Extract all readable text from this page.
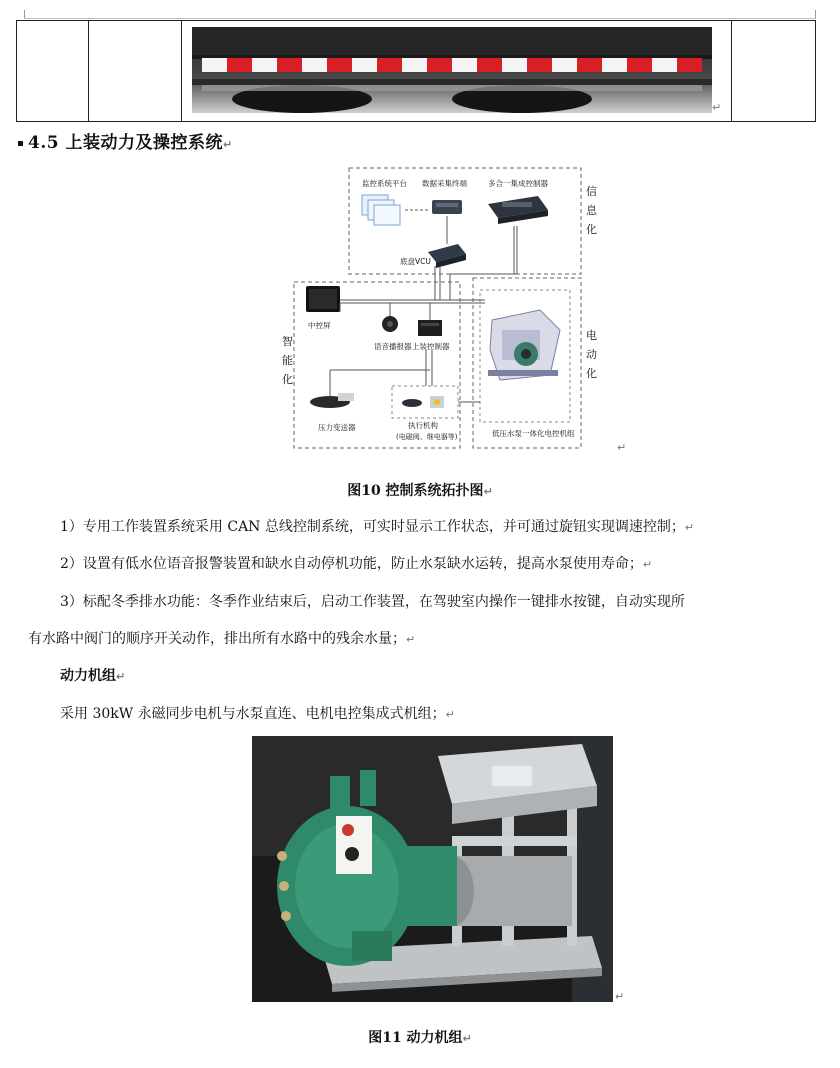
↵
4.5 上装动力及操控系统↵
监控系统平台 数据采集终端	多合一集成控制器
底盘VCU
中控屏
语音播报器 上装控制器
压力变送器	执行机构
(电磁阀、继电器等)	低压水泵一体化电控机组
信息化
智能化
电动化
↵
图10 控制系统拓扑图↵
1）专用工作装置系统采用 CAN 总线控制系统，可实时显示工作状态，并可通过旋钮实现调速控制；↵
2）设置有低水位语音报警装置和缺水自动停机功能，防止水泵缺水运转，提高水泵使用寿命；↵
3）标配冬季排水功能：冬季作业结束后，启动工作装置，在驾驶室内操作一键排水按键，自动实现所
有水路中阀门的顺序开关动作，排出所有水路中的残余水量；↵
动力机组↵
采用 30kW 永磁同步电机与水泵直连、电机电控集成式机组；↵
↵
图11 动力机组↵
